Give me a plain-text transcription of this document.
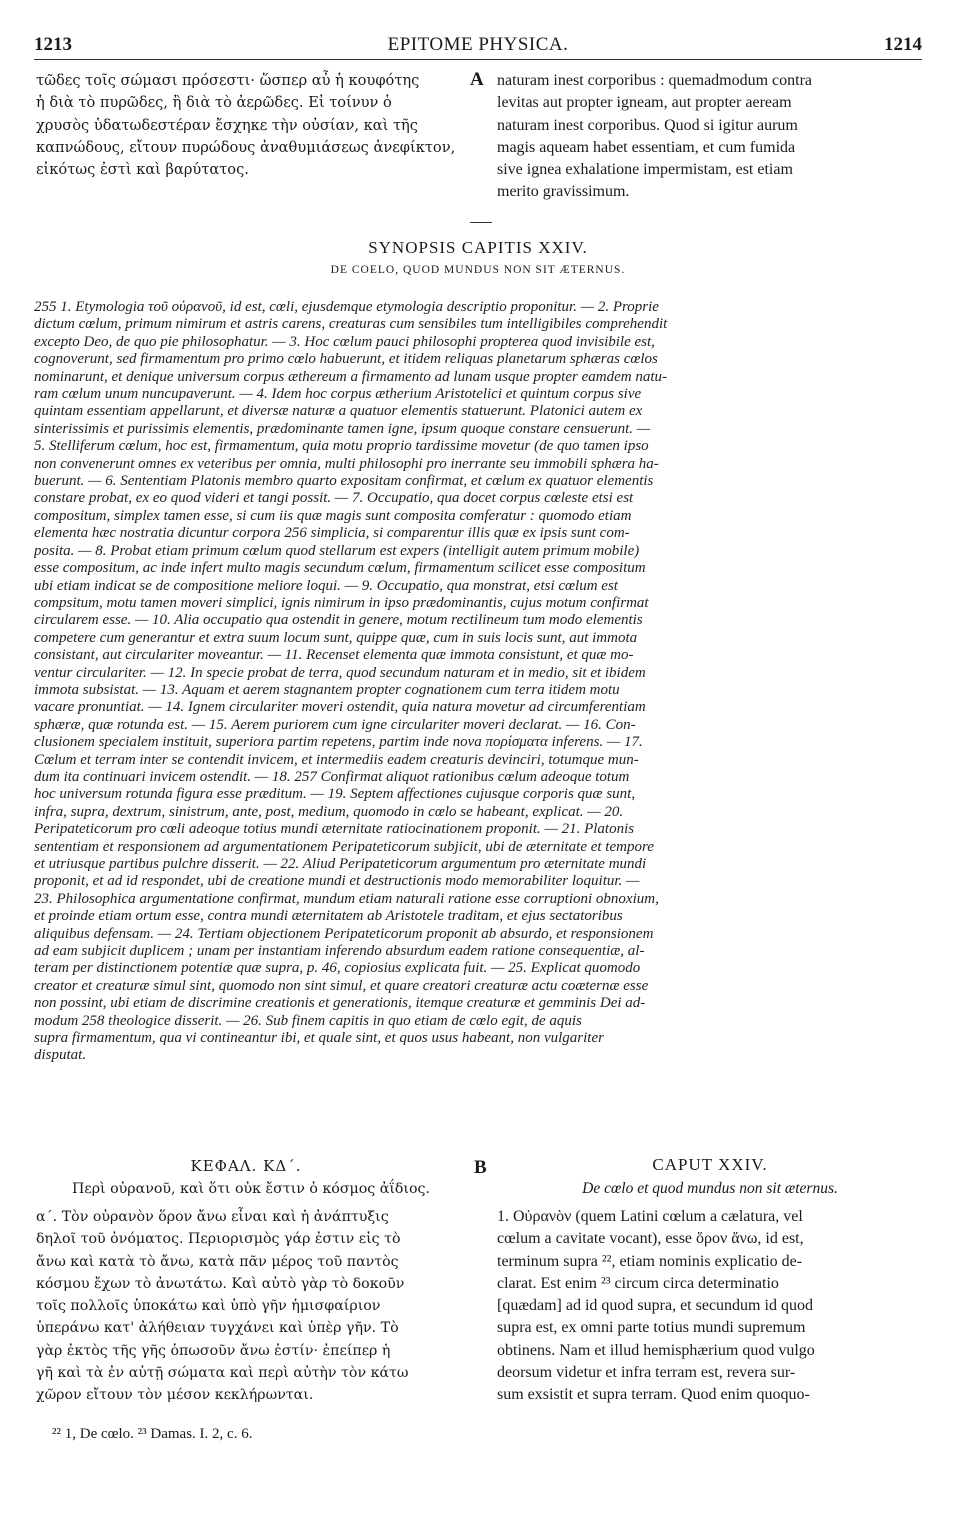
1213	EPITOME PHYSICA.	1214
τῶδες τοῖς σώμασι πρόσεστι· ὥσπερ αὖ ἡ κουφότης
ἡ διὰ τὸ πυρῶδες, ἢ διὰ τὸ ἀερῶδες. Εἰ τοίνυν ὁ
χρυσὸς ὑδατωδεστέραν ἔσχηκε τὴν οὐσίαν, καὶ τῆς
καπνώδους, εἴτουν πυρώδους ἀναθυμιάσεως ἀνεφίκτον,
εἰκότως ἐστὶ καὶ βαρύτατος.
A naturam inest corporibus : quemadmodum contra
levitas aut propter igneam, aut propter aeream
naturam inest corporibus. Quod si igitur aurum
magis aqueam habet essentiam, et cum fumida
sive ignea exhalatione impermistam, est etiam
merito gravissimum.
SYNOPSIS CAPITIS XXIV.
DE COELO, QUOD MUNDUS NON SIT ÆTERNUS.
255 1. Etymologia τοῦ οὐρανοῦ, id est, cœli, ejusdemque etymologia descriptio proponitur. — 2. Proprie
dictum cœlum, primum nimirum et astris carens, creaturas cum sensibiles tum intelligibiles comprehendit
excepto Deo, de quo pie philosophatur. — 3. Hoc cœlum pauci philosophi propterea quod invisibile est,
cognoverunt, sed firmamentum pro primo cœlo habuerunt, et itidem reliquas planetarum sphæras cœlos
nominarunt, et denique universum corpus æthereum a firmamento ad lunam usque propter eamdem natu-
ram cœlum unum nuncupaverunt. — 4. Idem hoc corpus ætherium Aristotelici et quintum corpus sive
quintam essentiam appellarunt, et diversæ naturæ a quatuor elementis statuerunt. Platonici autem ex
sinterissimis et purissimis elementis, prædominante tamen igne, ipsum quoque constare censuerunt. —
5. Stelliferum cœlum, hoc est, firmamentum, quia motu proprio tardissime movetur (de quo tamen ipso
non convenerunt omnes ex veteribus per omnia, multi philosophi pro inerrante seu immobili sphæra ha-
buerunt. — 6. Sententiam Platonis membro quarto expositam confirmat, et cœlum ex quatuor elementis
constare probat, ex eo quod videri et tangi possit. — 7. Occupatio, qua docet corpus cœleste etsi est
compositum, simplex tamen esse, si cum iis quæ magis sunt composita comferatur : quomodo etiam
elementa hæc nostratia dicuntur corpora 256 simplicia, si comparentur illis quæ ex ipsis sunt com-
posita. — 8. Probat etiam primum cœlum quod stellarum est expers (intelligit autem primum mobile)
esse compositum, ac inde infert multo magis secundum cœlum, firmamentum scilicet esse compositum
ubi etiam indicat se de compositione meliore loqui. — 9. Occupatio, qua monstrat, etsi cœlum est
compsitum, motu tamen moveri simplici, ignis nimirum in ipso prædominantis, cujus motum confirmat
circularem esse. — 10. Alia occupatio qua ostendit in genere, motum rectilineum tum modo elementis
competere cum generantur et extra suum locum sunt, quippe quæ, cum in suis locis sunt, aut immota
consistant, aut circulariter moveantur. — 11. Recenset elementa quæ immota consistunt, et quæ mo-
ventur circulariter. — 12. In specie probat de terra, quod secundum naturam et in medio, sit et ibidem
immota subsistat. — 13. Aquam et aerem stagnantem propter cognationem cum terra itidem motu
vacare pronuntiat. — 14. Ignem circulariter moveri ostendit, quia natura movetur ad circumferentiam
sphæræ, quæ rotunda est. — 15. Aerem puriorem cum igne circulariter moveri declarat. — 16. Con-
clusionem specialem instituit, superiora partim repetens, partim inde nova πορίσματα inferens. — 17.
Cœlum et terram inter se contendit invicem, et intermediis eadem creaturis devinciri, totumque mun-
dum ita continuari invicem ostendit. — 18. 257 Confirmat aliquot rationibus cœlum adeoque totum
hoc universum rotunda figura esse præditum. — 19. Septem affectiones cujusque corporis quæ sunt,
infra, supra, dextrum, sinistrum, ante, post, medium, quomodo in cœlo se habeant, explicat. — 20.
Peripateticorum pro cœli adeoque totius mundi æternitate ratiocinationem proponit. — 21. Platonis
sententiam et responsionem ad argumentationem Peripateticorum subjicit, ubi de æternitate et tempore
et utriusque partibus pulchre disserit. — 22. Aliud Peripateticorum argumentum pro æternitate mundi
proponit, et ad id respondet, ubi de creatione mundi et destructionis modo memorabiliter loquitur. —
23. Philosophica argumentatione confirmat, mundum etiam naturali ratione esse corruptioni obnoxium,
et proinde etiam ortum esse, contra mundi æternitatem ab Aristotele traditam, et ejus sectatoribus
aliquibus defensam. — 24. Tertiam objectionem Peripateticorum proponit ab absurdo, et responsionem
ad eam subjicit duplicem ; unam per instantiam inferendo absurdum eadem ratione consequentiæ, al-
teram per distinctionem potentiæ quæ supra, p. 46, copiosius explicata fuit. — 25. Explicat quomodo
creator et creaturæ simul sint, quomodo non sint simul, et quare creatori creaturæ actu coæternæ esse
non possint, ubi etiam de discrimine creationis et generationis, itemque creaturæ et gemminis Dei ad-
modum 258 theologice disserit. — 26. Sub finem capitis in quo etiam de cœlo egit, de aquis
supra firmamentum, qua vi contineantur ibi, et quale sint, et quos usus habeant, non vulgariter
disputat.
ΚΕΦΑΛ. ΚΔ΄.	B	CAPUT XXIV.
Περὶ οὐρανοῦ, καὶ ὅτι οὐκ ἔστιν ὁ κόσμος ἀΐδιος.	De cœlo et quod mundus non sit æternus.
α΄. Τὸν οὐρανὸν ὅρον ἄνω εἶναι καὶ ἡ ἀνάπτυξις
δηλοῖ τοῦ ὀνόματος. Περιορισμὸς γάρ ἐστιν εἰς τὸ
ἄνω καὶ κατὰ τὸ ἄνω, κατὰ πᾶν μέρος τοῦ παντὸς
κόσμου ἔχων τὸ ἀνωτάτω. Καὶ αὐτὸ γὰρ τὸ δοκοῦν
τοῖς πολλοῖς ὑποκάτω καὶ ὑπὸ γῆν ἡμισφαίριον
ὑπεράνω κατ' ἀλήθειαν τυγχάνει καὶ ὑπὲρ γῆν. Τὸ
γὰρ ἐκτὸς τῆς γῆς ὁπωσοῦν ἄνω ἐστίν· ἐπείπερ ἡ
γῆ καὶ τὰ ἐν αὐτῇ σώματα καὶ περὶ αὐτὴν τὸν κάτω
χῶρον εἴτουν τὸν μέσον κεκλήρωνται.
1. Οὐρανὸν (quem Latini cœlum a cælatura, vel
cœlum a cavitate vocant), esse ὅρον ἄνω, id est,
terminum supra ²², etiam nominis explicatio de-
clarat. Est enim ²³ circum circa determinatio
[quædam] ad id quod supra, et secundum id quod
supra est, ex omni parte totius mundi supremum
obtinens. Nam et illud hemisphærium quod vulgo
deorsum videtur et infra terram est, revera sur-
sum exsistit et supra terram. Quod enim quoquo-
²² 1, De cœlo. ²³ Damas. I. 2, c. 6.
